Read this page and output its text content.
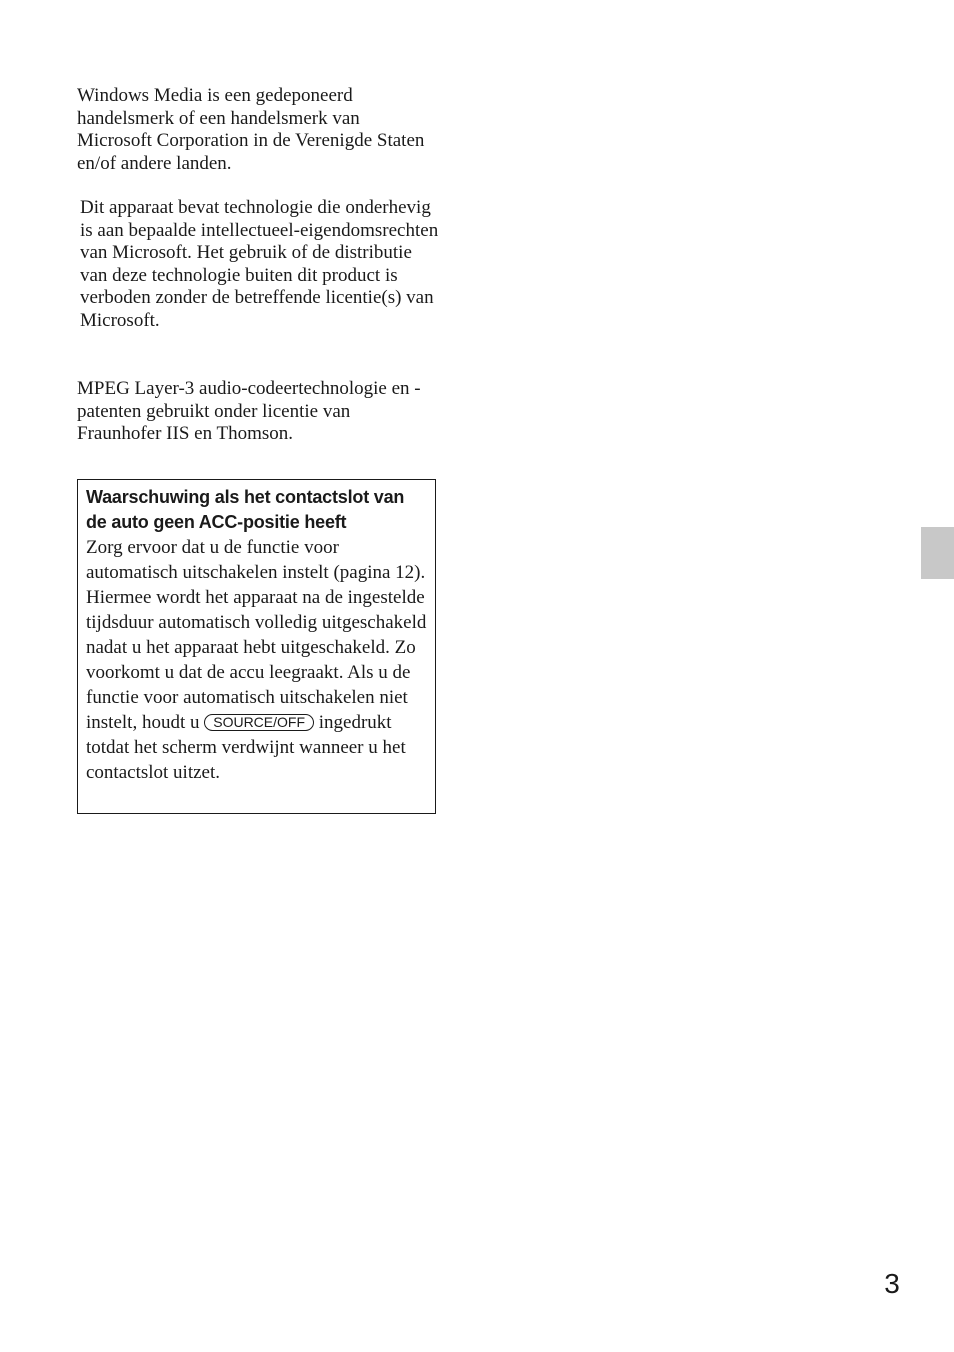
Windows Media is een gedeponeerd handelsmerk of een handelsmerk van Microsoft Corporation in de Verenigde Staten en/of andere landen.

Dit apparaat bevat technologie die onderhevig is aan bepaalde intellectueel-eigendomsrechten van Microsoft. Het gebruik of de distributie van deze technologie buiten dit product is verboden zonder de betreffende licentie(s) van Microsoft.

MPEG Layer-3 audio-codeertechnologie en -patenten gebruikt onder licentie van Fraunhofer IIS en Thomson.

Waarschuwing als het contactslot van de auto geen ACC-positie heeft

Zorg ervoor dat u de functie voor automatisch uitschakelen instelt (pagina 12). Hiermee wordt het apparaat na de ingestelde tijdsduur automatisch volledig uitgeschakeld nadat u het apparaat hebt uitgeschakeld. Zo voorkomt u dat de accu leegraakt. Als u de functie voor automatisch uitschakelen niet instelt, houdt u SOURCE/OFF ingedrukt totdat het scherm verdwijnt wanneer u het contactslot uitzet.

3
